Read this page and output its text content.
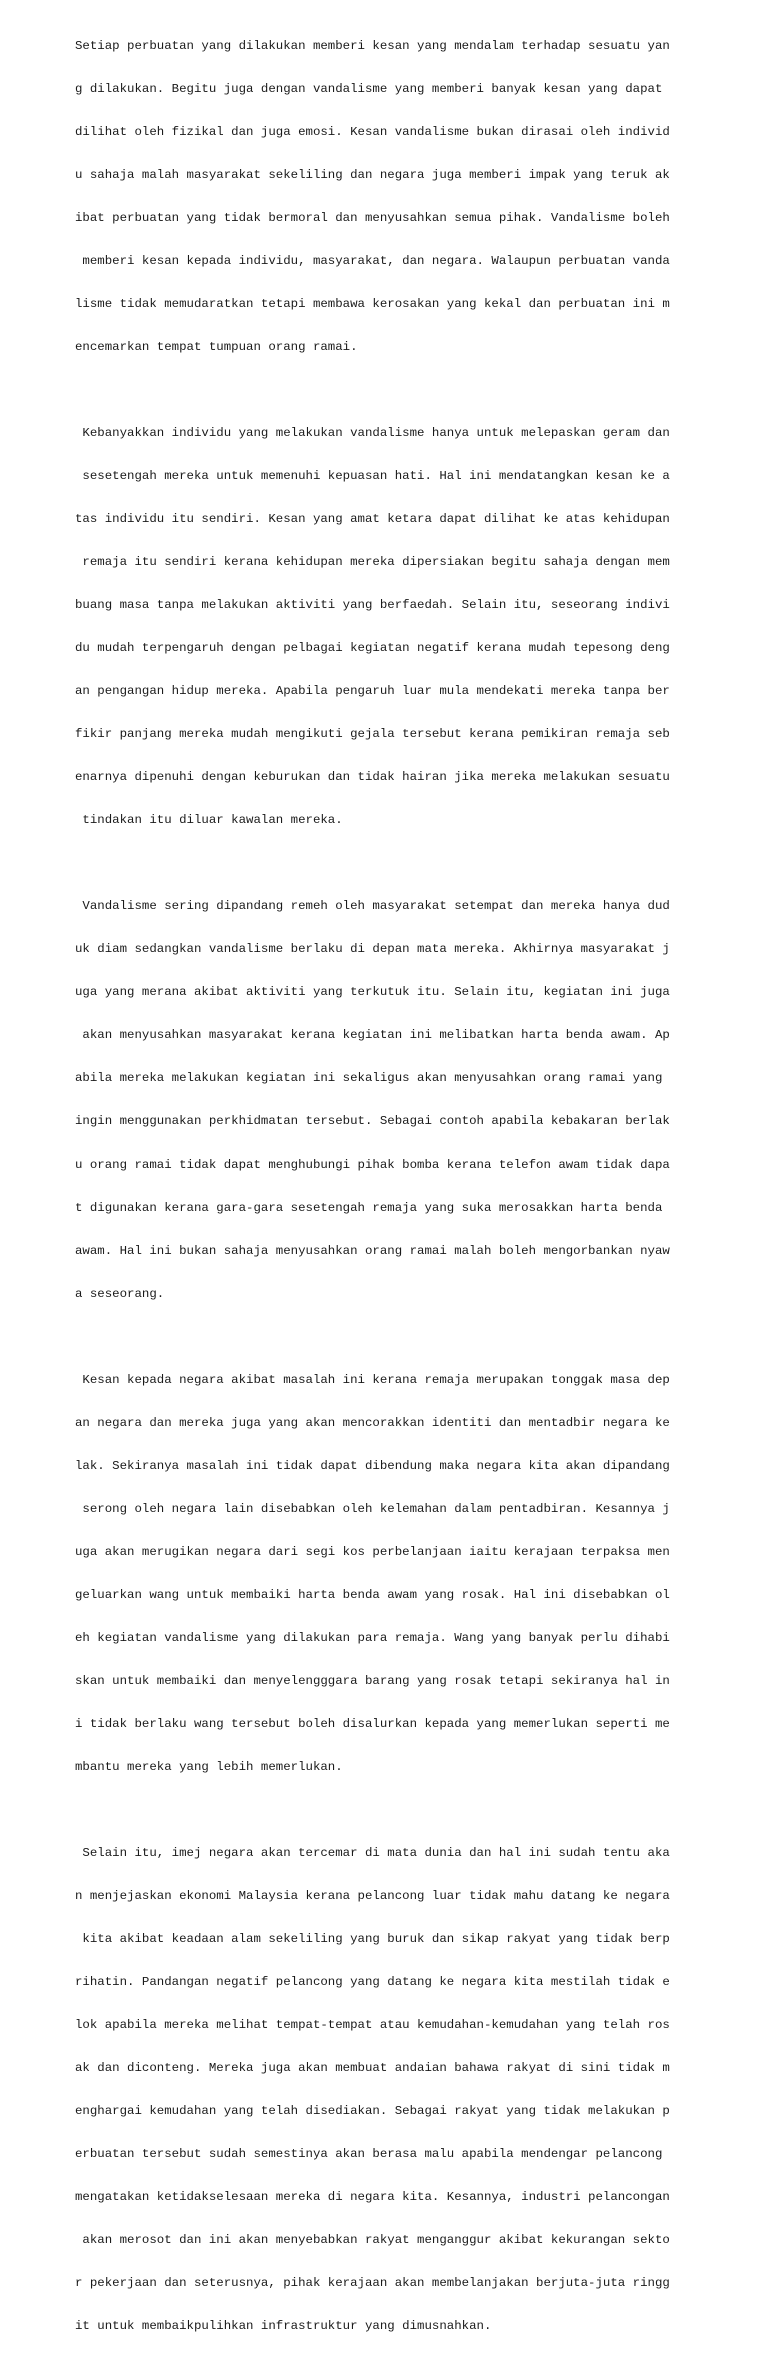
Setiap perbuatan yang dilakukan memberi kesan yang mendalam terhadap sesuatu yan

g dilakukan. Begitu juga dengan vandalisme yang memberi banyak kesan yang dapat

dilihat oleh fizikal dan juga emosi. Kesan vandalisme bukan dirasai oleh individ

u sahaja malah masyarakat sekeliling dan negara juga memberi impak yang teruk ak

ibat perbuatan yang tidak bermoral dan menyusahkan semua pihak. Vandalisme boleh

memberi kesan kepada individu, masyarakat, dan negara. Walaupun perbuatan vanda

lisme tidak memudaratkan tetapi membawa kerosakan yang kekal dan perbuatan ini m

encemarkan tempat tumpuan orang ramai.

Kebanyakkan individu yang melakukan vandalisme hanya untuk melepaskan geram dan

sesetengah mereka untuk memenuhi kepuasan hati. Hal ini mendatangkan kesan ke a

tas individu itu sendiri. Kesan yang amat ketara dapat dilihat ke atas kehidupan

remaja itu sendiri kerana kehidupan mereka dipersiakan begitu sahaja dengan mem

buang masa tanpa melakukan aktiviti yang berfaedah. Selain itu, seseorang indivi

du mudah terpengaruh dengan pelbagai kegiatan negatif kerana mudah tepesong deng

an pengangan hidup mereka. Apabila pengaruh luar mula mendekati mereka tanpa ber

fikir panjang mereka mudah mengikuti gejala tersebut kerana pemikiran remaja seb

enarnya dipenuhi dengan keburukan dan tidak hairan jika mereka melakukan sesuatu

tindakan itu diluar kawalan mereka.

Vandalisme sering dipandang remeh oleh masyarakat setempat dan mereka hanya dud

uk diam sedangkan vandalisme berlaku di depan mata mereka. Akhirnya masyarakat j

uga yang merana akibat aktiviti yang terkutuk itu. Selain itu, kegiatan ini juga

akan menyusahkan masyarakat kerana kegiatan ini melibatkan harta benda awam. Ap

abila mereka melakukan kegiatan ini sekaligus akan menyusahkan orang ramai yang

ingin menggunakan perkhidmatan tersebut. Sebagai contoh apabila kebakaran berlak

u orang ramai tidak dapat menghubungi pihak bomba kerana telefon awam tidak dapa

t digunakan kerana gara-gara sesetengah remaja yang suka merosakkan harta benda

awam. Hal ini bukan sahaja menyusahkan orang ramai malah boleh mengorbankan nyaw

a seseorang.

Kesan kepada negara akibat masalah ini kerana remaja merupakan tonggak masa dep

an negara dan mereka juga yang akan mencorakkan identiti dan mentadbir negara ke

lak. Sekiranya masalah ini tidak dapat dibendung maka negara kita akan dipandang

serong oleh negara lain disebabkan oleh kelemahan dalam pentadbiran. Kesannya j

uga akan merugikan negara dari segi kos perbelanjaan iaitu kerajaan terpaksa men

geluarkan wang untuk membaiki harta benda awam yang rosak. Hal ini disebabkan ol

eh kegiatan vandalisme yang dilakukan para remaja. Wang yang banyak perlu dihabi

skan untuk membaiki dan menyelengggara barang yang rosak tetapi sekiranya hal in

i tidak berlaku wang tersebut boleh disalurkan kepada yang memerlukan seperti me

mbantu mereka yang lebih memerlukan.

Selain itu, imej negara akan tercemar di mata dunia dan hal ini sudah tentu aka

n menjejaskan ekonomi Malaysia kerana pelancong luar tidak mahu datang ke negara

kita akibat keadaan alam sekeliling yang buruk dan sikap rakyat yang tidak berp

rihatin. Pandangan negatif pelancong yang datang ke negara kita mestilah tidak e

lok apabila mereka melihat tempat-tempat atau kemudahan-kemudahan yang telah ros

ak dan diconteng. Mereka juga akan membuat andaian bahawa rakyat di sini tidak m

enghargai kemudahan yang telah disediakan. Sebagai rakyat yang tidak melakukan p

erbuatan tersebut sudah semestinya akan berasa malu apabila mendengar pelancong

mengatakan ketidakselesaan mereka di negara kita. Kesannya, industri pelancongan

akan merosot dan ini akan menyebabkan rakyat menganggur akibat kekurangan sekto

r pekerjaan dan seterusnya, pihak kerajaan akan membelanjakan berjuta-juta ringg

it untuk membaikpulihkan infrastruktur yang dimusnahkan.
